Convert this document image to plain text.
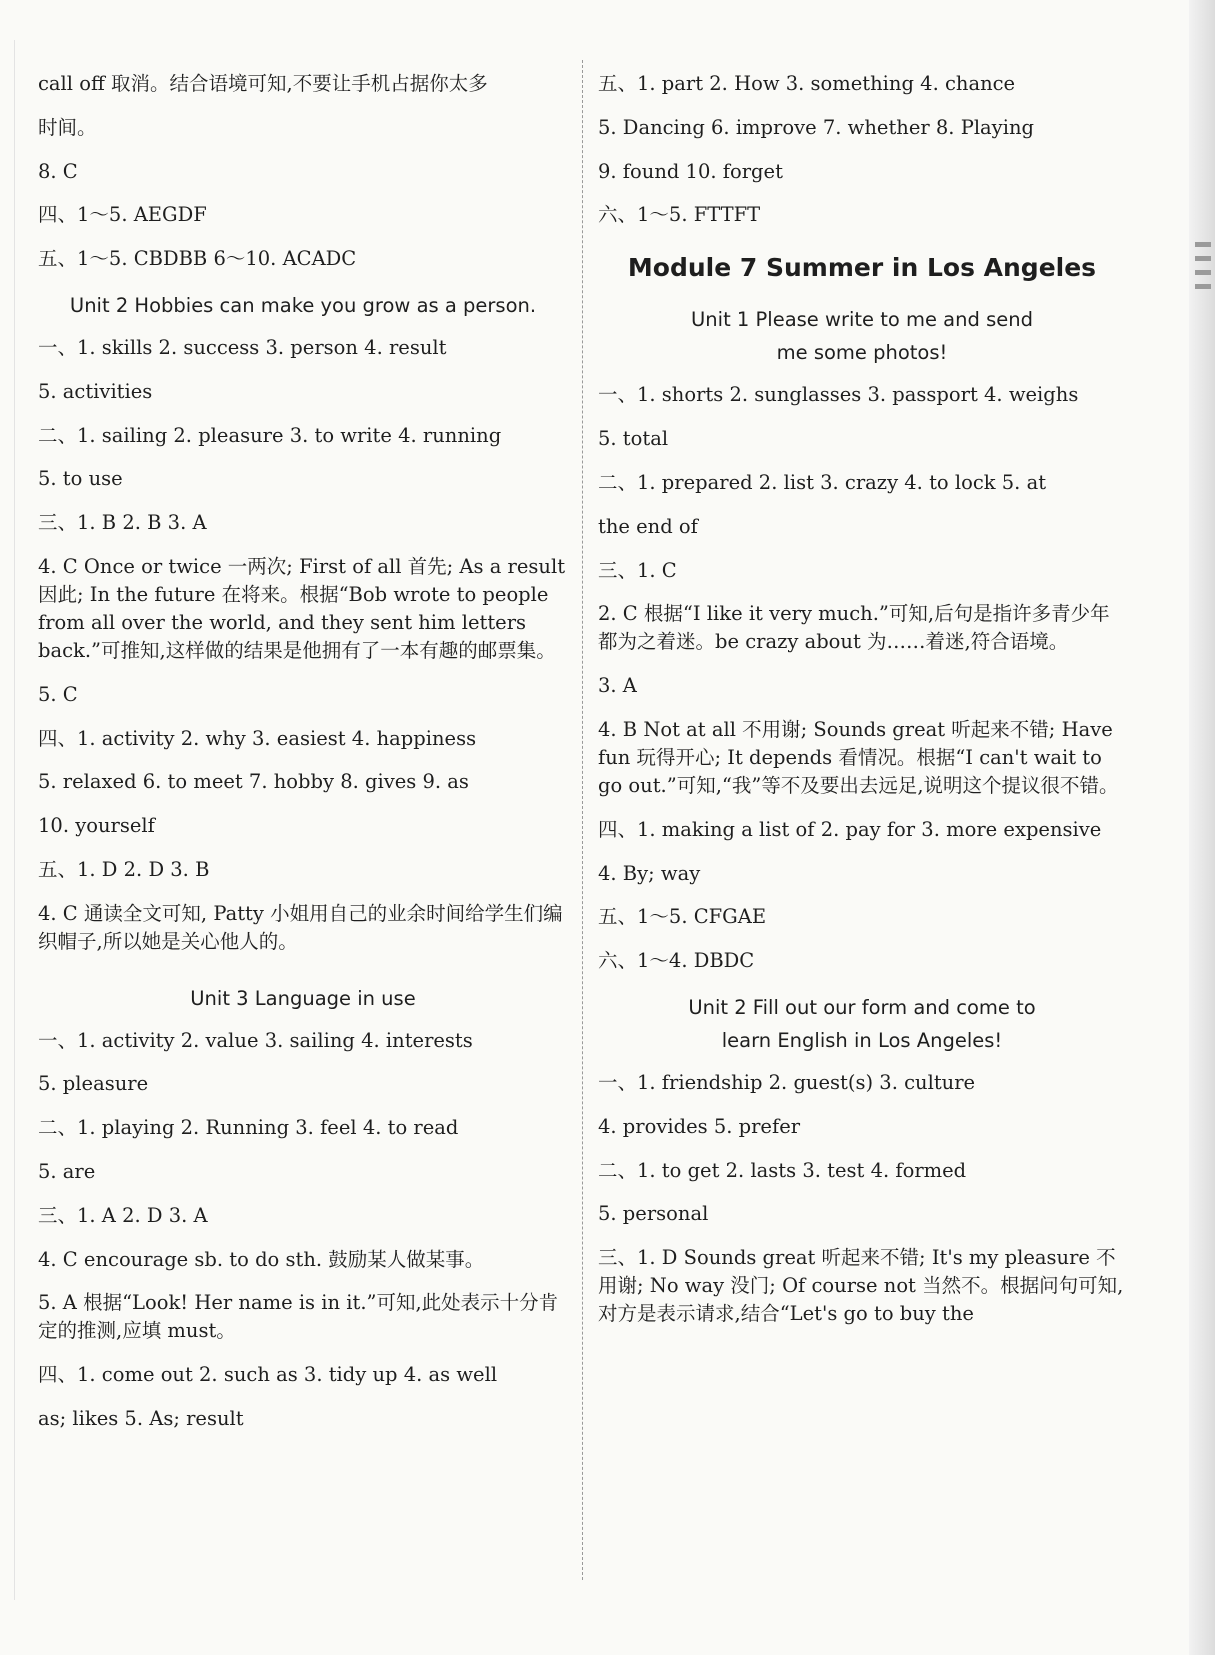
call off 取消。结合语境可知,不要让手机占据你太多
时间。
8. C
四、1～5. AEGDF
五、1～5. CBDBB 6～10. ACADC
Unit 2 Hobbies can make you grow as a person.
一、1. skills 2. success 3. person 4. result
5. activities
二、1. sailing 2. pleasure 3. to write 4. running
5. to use
三、1. B 2. B 3. A
4. C Once or twice 一两次; First of all 首先; As a result 因此; In the future 在将来。根据“Bob wrote to people from all over the world, and they sent him letters back.”可推知,这样做的结果是他拥有了一本有趣的邮票集。
5. C
四、1. activity 2. why 3. easiest 4. happiness
5. relaxed 6. to meet 7. hobby 8. gives 9. as
10. yourself
五、1. D 2. D 3. B
4. C 通读全文可知, Patty 小姐用自己的业余时间给学生们编织帽子,所以她是关心他人的。
Unit 3 Language in use
一、1. activity 2. value 3. sailing 4. interests
5. pleasure
二、1. playing 2. Running 3. feel 4. to read
5. are
三、1. A 2. D 3. A
4. C encourage sb. to do sth. 鼓励某人做某事。
5. A 根据“Look! Her name is in it.”可知,此处表示十分肯定的推测,应填 must。
四、1. come out 2. such as 3. tidy up 4. as well
as; likes 5. As; result
五、1. part 2. How 3. something 4. chance
5. Dancing 6. improve 7. whether 8. Playing
9. found 10. forget
六、1～5. FTTFT
Module 7 Summer in Los Angeles
Unit 1 Please write to me and send
me some photos!
一、1. shorts 2. sunglasses 3. passport 4. weighs
5. total
二、1. prepared 2. list 3. crazy 4. to lock 5. at
the end of
三、1. C
2. C 根据“I like it very much.”可知,后句是指许多青少年都为之着迷。be crazy about 为……着迷,符合语境。
3. A
4. B Not at all 不用谢; Sounds great 听起来不错; Have fun 玩得开心; It depends 看情况。根据“I can't wait to go out.”可知,“我”等不及要出去远足,说明这个提议很不错。
四、1. making a list of 2. pay for 3. more expensive
4. By; way
五、1～5. CFGAE
六、1～4. DBDC
Unit 2 Fill out our form and come to
learn English in Los Angeles!
一、1. friendship 2. guest(s) 3. culture
4. provides 5. prefer
二、1. to get 2. lasts 3. test 4. formed
5. personal
三、1. D Sounds great 听起来不错; It's my pleasure 不用谢; No way 没门; Of course not 当然不。根据问句可知,对方是表示请求,结合“Let's go to buy the
